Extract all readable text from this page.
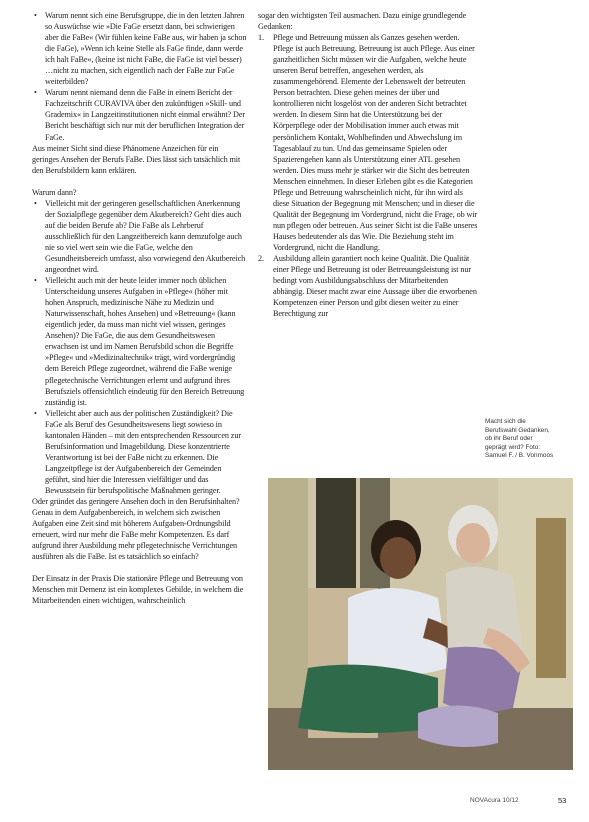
• Warum nennt sich eine Berufsgruppe, die in den letzten Jahren so Auswüchse wie »Die FaGe ersetzt dann, bei schwierigen aber die FaBe« (Wir fühlen keine FaBe aus, wir haben ja schon die FaGe), »Wenn ich keine Stelle als FaGe finde, dann werde ich halt FaBe«, (keine ist nicht FaBe, die FaGe ist viel besser) …nicht zu machen, sich eigentlich nach der FaBe zur FaGe weiterbilden?
• Warum nennt niemand denn die FaBe in einem Bericht der Fachzeitschrift CURAVIVA über den zukünftigen »Skill- und Grademix« in Langzeitinstitutionen nicht einmal erwähnt? Der Bericht beschäftigt sich nur mit der beruflichen Integration der FaGe.

Aus meiner Sicht sind diese Phänomene Anzeichen für ein geringes Ansehen der Berufs FaBe. Dies lässt sich tatsächlich mit den Berufsbildern kann erklären.

Warum dann?

• Vielleicht mit der geringeren gesellschaftlichen Anerkennung der Sozialpflege gegenüber dem Akutbereich? Geht dies auch auf die beiden Berufe ab? Die FaBe als Lehrberuf ausschließlich für den Langzeitbereich kann demzufolge auch nie so viel wert sein wie die FaGe, welche den Gesundheitsbereich umfasst, also vorwiegend den Akutbereich angeordnet wird.
• Vielleicht auch mit der heute leider immer noch üblichen Unterscheidung unseres Aufgaben in »Pflege« (höher mit hohen Anspruch, medizinische Nähe zu Medizin und Naturwissenschaft, hohes Ansehen) und »Betreuung« (kann eigentlich jeder, da muss man nicht viel wissen, geringes Ansehen)? Die FaGe, die aus dem Gesundheitswesen erwachsen ist und im Namen Berufsbild schon die Begriffe »Pflege« und »Medizinaltechnik« trägt, wird vordergründig dem Bereich Pflege zugeordnet, während die FaBe wenige pflegetechnische Verrichtungen erlernt und aufgrund ihres Berufsziels offensichtlich eindeutig für den Bereich Betreuung zuständig ist.
• Vielleicht aber auch aus der politischen Zuständigkeit? Die FaGe als Beruf des Gesundheitswesens liegt sowieso in kantonalen Händen – mit den entsprechenden Ressourcen zur Berufsinformation und Imagebildung. Diese konzentrierte Verantwortung ist bei der FaBe nicht zu erkennen. Die Langzeitpflege ist der Aufgabenbereich der Gemeinden geführt, sind hier die Interessen vielfältiger und das Bewusstsein für berufspolitische Maßnahmen geringer.

Oder gründet das geringere Ansehen doch in den Berufsinhalten? Genau in dem Aufgabenbereich, in welchem sich zwischen Aufgaben eine Zeit sind mit höherem Aufgaben-Ordnungsbild erneuert, wird nur mehr die FaBe mehr Kompetenzen. Es darf aufgrund ihrer Ausbildung mehr pflegetechnische Verrichtungen ausführen als die FaBe. Ist es tatsächlich so einfach?

Der Einsatz in der Praxis Die stationäre Pflege und Betreuung von Menschen mit Demenz ist ein komplexes Gebilde, in welchem die Mitarbeitenden einen wichtigen, wahrscheinlich

sogar den wichtigsten Teil ausmachen. Dazu einige grundlegende Gedanken:

1. Pflege und Betreuung müssen als Ganzes gesehen werden. Pflege ist auch Betreuung. Betreuung ist auch Pflege. Aus einer ganzheitlichen Sicht müssen wir die Aufgaben, welche heute unseren Beruf betreffen, angesehen werden, als zusammengehörend. Elemente der Lebenswelt der betreuten Person betrachten. Diese gehen meines der über und kontrollieren nicht losgelöst von der anderen Sicht betrachtet werden. In diesem Sinn hat die Unterstützung bei der Körperpflege oder der Mobilisation immer auch etwas mit persönlichem Kontakt, Wohlbefinden und Abwechslung im Tagesablauf zu tun. Und das gemeinsame Spielen oder Spazierengehen kann als Unterstützung einer ATL gesehen werden. Dies muss mehr je stärker wir die Sicht des betreuten Menschen einnehmen. In dieser Erleben gibt es die Kategorien Pflege und Betreuung wahrscheinlich nicht, für ihn wird als diese Situation der Begegnung mit Menschen; und in dieser die Qualität der Begegnung im Vordergrund, nicht die Frage, ob wir nun pflegen oder betreuen. Aus seiner Sicht ist die FaBe unseres Hauses bedeutender als das Wie. Die Beziehung steht im Vordergrund, nicht die Handlung.
2. Ausbildung allein garantiert noch keine Qualität. Die Qualität einer Pflege und Betreuung ist oder Betreuungsleistung ist nur bedingt vom Ausbildungsabschluss der Mitarbeitenden abhängig. Dieser macht zwar eine Aussage über die erworbenen Kompetenzen einer Person und gibt diesen weiter zu einer Berechtigung zur
Macht sich die Berufswahl Gedanken, ob ihr Beruf oder geprägt wird? Foto: Samuel F. / B. Vonmoos
NOVAcura 10/12	53
